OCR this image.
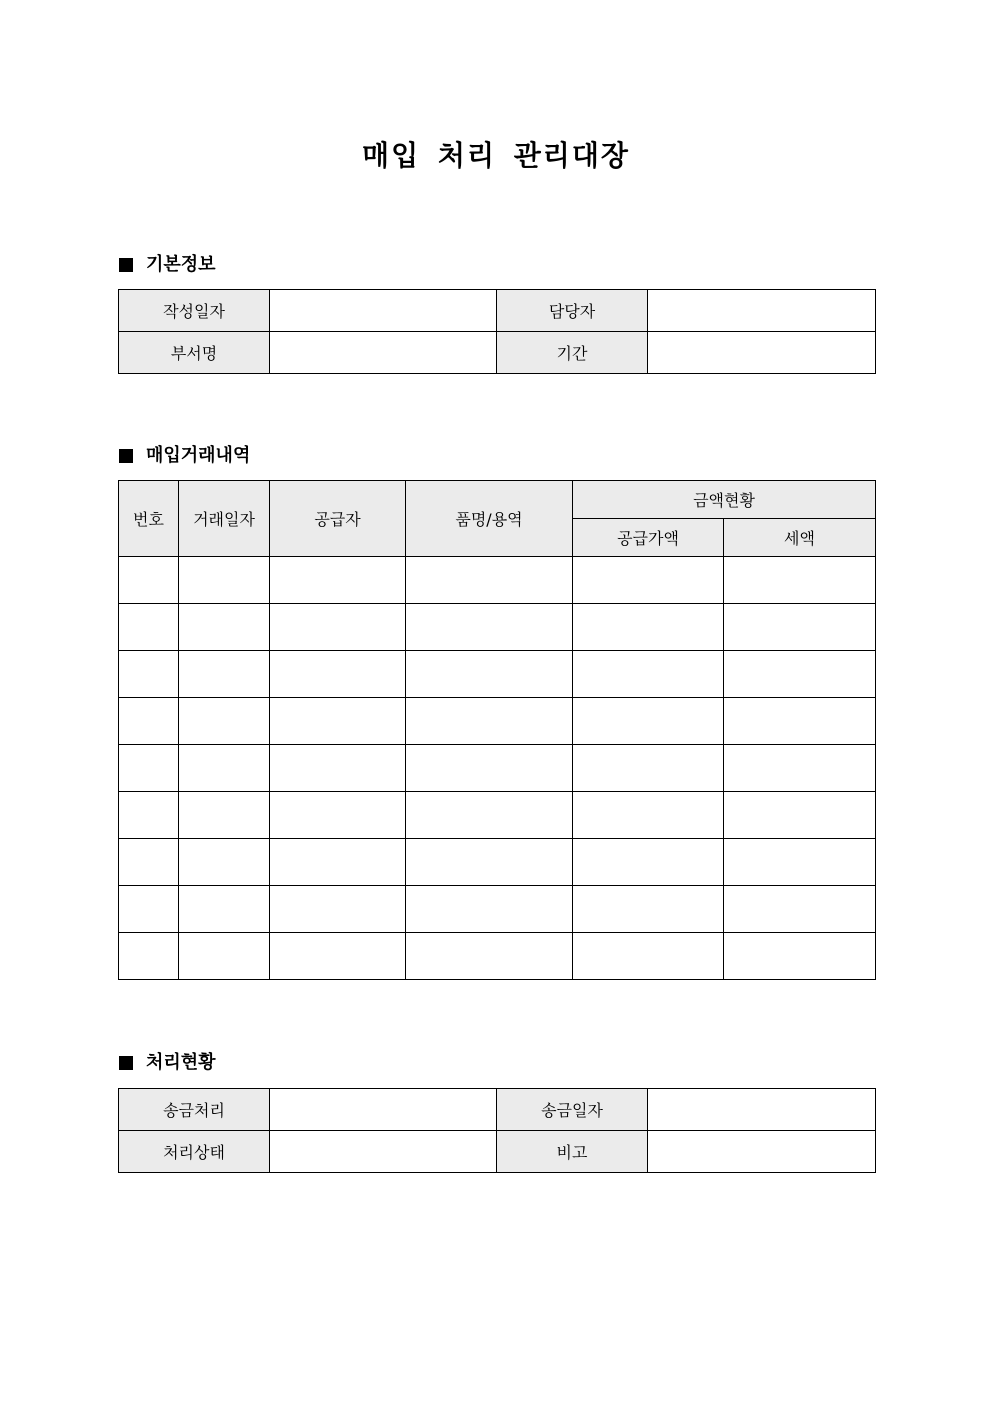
매입 처리 관리대장
기본정보
작성일자		담당자	
부서명		기간	
매입거래내역
번호	거래일자	공급자	품명/용역	금액현황	
				공급가액	세액

처리현황
송금처리		송금일자	
처리상태		비고	
